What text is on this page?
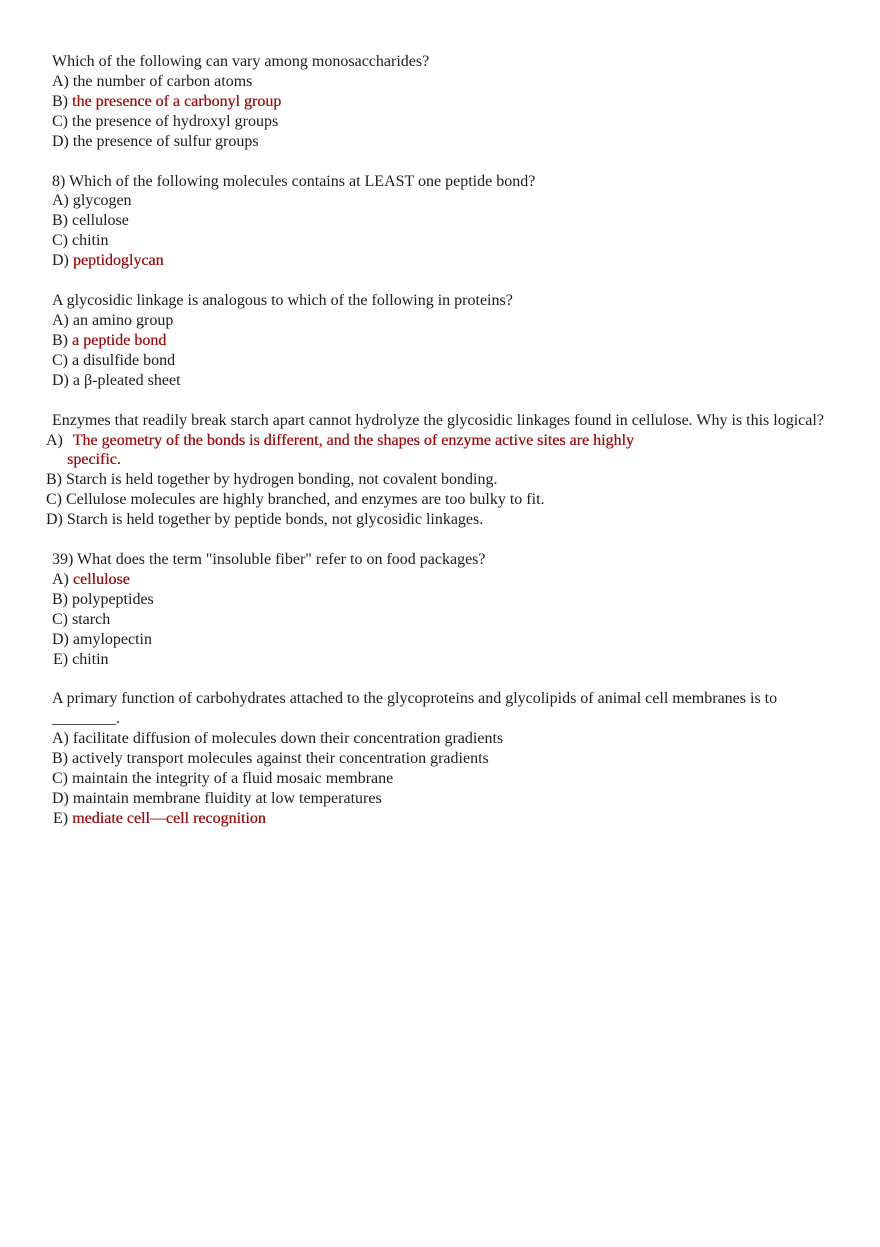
Which of the following can vary among monosaccharides?
A) the number of carbon atoms
B) the presence of a carbonyl group
C) the presence of hydroxyl groups
D) the presence of sulfur groups
8) Which of the following molecules contains at LEAST one peptide bond?
A) glycogen
B) cellulose
C) chitin
D) peptidoglycan
A glycosidic linkage is analogous to which of the following in proteins?
A) an amino group
B) a peptide bond
C) a disulfide bond
D) a β-pleated sheet
Enzymes that readily break starch apart cannot hydrolyze the glycosidic linkages found in cellulose. Why is this logical?
A) The geometry of the bonds is different, and the shapes of enzyme active sites are highly
specific.
B) Starch is held together by hydrogen bonding, not covalent bonding.
C) Cellulose molecules are highly branched, and enzymes are too bulky to fit.
D) Starch is held together by peptide bonds, not glycosidic linkages.
39) What does the term "insoluble fiber" refer to on food packages?
A) cellulose
B) polypeptides
C) starch
D) amylopectin
E) chitin
A primary function of carbohydrates attached to the glycoproteins and glycolipids of animal cell membranes is to ________.
A) facilitate diffusion of molecules down their concentration gradients
B) actively transport molecules against their concentration gradients
C) maintain the integrity of a fluid mosaic membrane
D) maintain membrane fluidity at low temperatures
E) mediate cell—cell recognition
